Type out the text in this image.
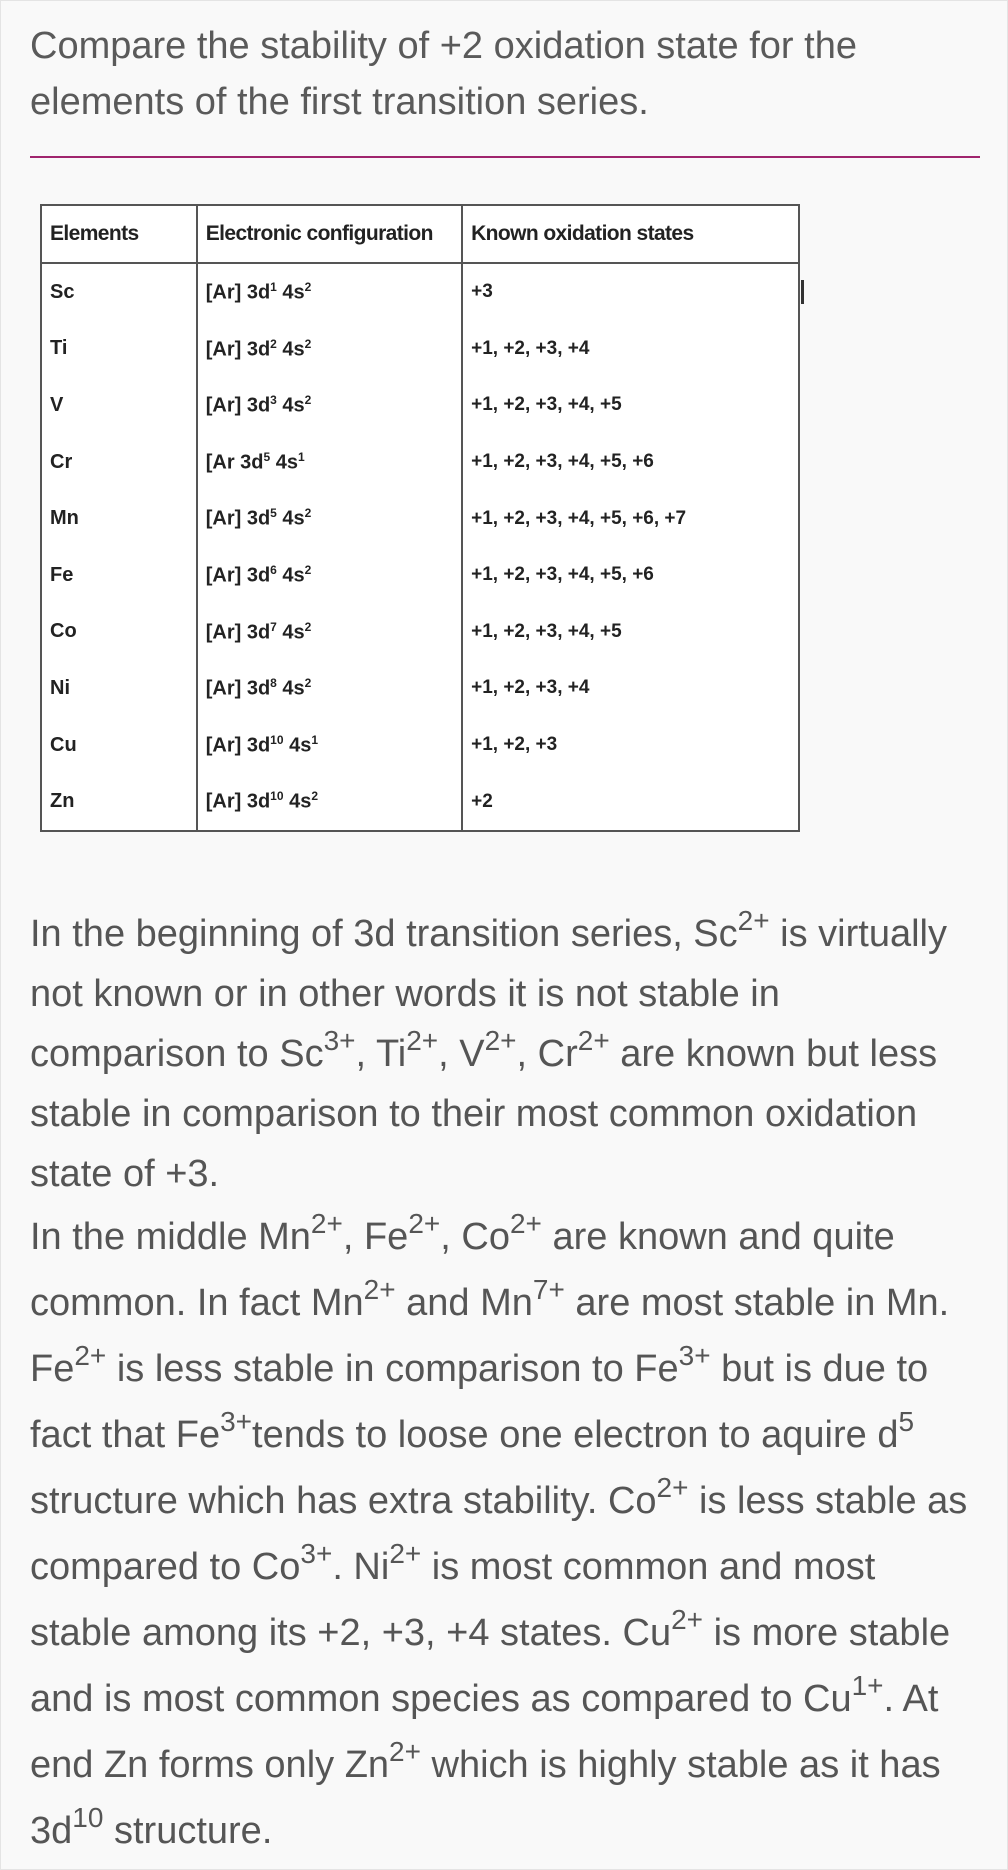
Compare the stability of +2 oxidation state for the elements of the first transition series.
Elements	Electronic configuration	Known oxidation states
Sc	[Ar] $3d^1$ $4s^2$	+3
Ti	[Ar] $3d^2$ $4s^2$	+1, +2, +3, +4
V	[Ar] $3d^3$ $4s^2$	+1, +2, +3, +4, +5
Cr	[Ar $3d^5$ $4s^1$	+1, +2, +3, +4, +5, +6
Mn	[Ar] $3d^5$ $4s^2$	+1, +2, +3, +4, +5, +6, +7
Fe	[Ar] $3d^6$ $4s^2$	+1, +2, +3, +4, +5, +6
Co	[Ar] $3d^7$ $4s^2$	+1, +2, +3, +4, +5
Ni	[Ar] $3d^8$ $4s^2$	+1, +2, +3, +4
Cu	[Ar] $3d^{10}$ $4s^1$	+1, +2, +3
Zn	[Ar] $3d^{10}$ $4s^2$	+2

In the beginning of 3d transition series, $Sc^{2+}$ is virtually not known or in other words it is not stable in comparison to $Sc^{3+}$, $Ti^{2+}$, $V^{2+}$, $Cr^{2+}$ are known but less stable in comparison to their most common oxidation state of +3.

In the middle $Mn^{2+}$, $Fe^{2+}$, $Co^{2+}$ are known and quite common. In fact $Mn^{2+}$ and $Mn^{7+}$ are most stable in Mn. $Fe^{2+}$ is less stable in comparison to $Fe^{3+}$ but is due to fact that $Fe^{3+}tends$ to loose one electron to aquire $d^5$ structure which has extra stability. $Co^{2+}$ is less stable as compared to $Co^{3+}$. $Ni^{2+}$ is most common and most stable among its +2, +3, +4 states. $Cu^{2+}$ is more stable and is most common species as compared to $Cu^{1+}$. At end Zn forms only $Zn^{2+}$ which is highly stable as it has $3d^{10}$ structure.
